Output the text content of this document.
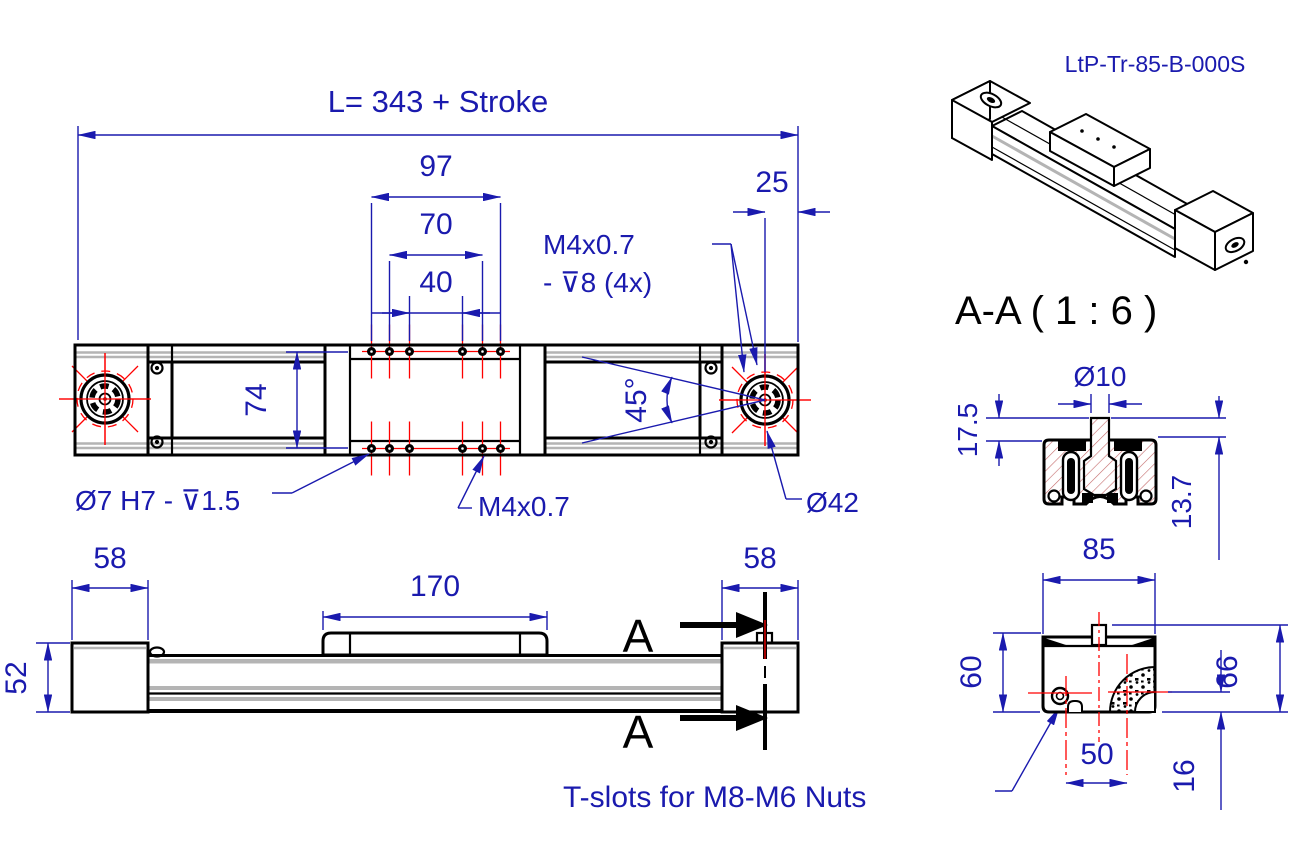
L= 343 + Stroke
97
70
40
25
74	45°
M4x0.7
- ⊽8 (4x)
Ø7 H7 - ⊽1.5	M4x0.7	Ø42
58	58
52
170
A
A
T-slots for M8-M6 Nuts
LtP-Tr-85-B-000S
A-A ( 1 : 6 )
Ø10
17.5
13.7
85
60	66
50
16
